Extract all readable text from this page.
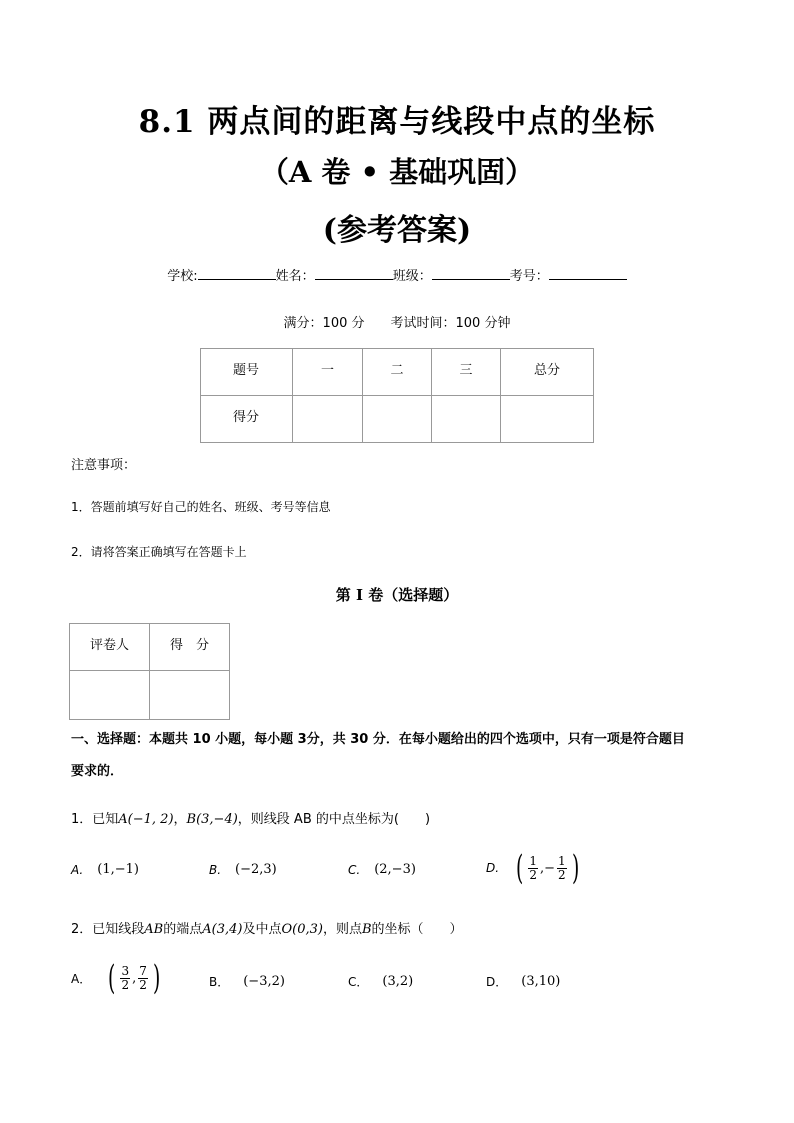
8.1 两点间的距离与线段中点的坐标
（A 卷 • 基础巩固）
(参考答案)
学校:	姓名：	班级：	考号：
满分：100 分 考试时间：100 分钟
题号	一	二	三	总分
得分				
注意事项：
1．答题前填写好自己的姓名、班级、考号等信息
2．请将答案正确填写在答题卡上
第 I 卷（选择题）
评卷人	得　分

一、选择题：本题共 10 小题，每小题 3分，共 30 分．在每小题给出的四个选项中，只有一项是符合题目
要求的．
1．已知A(−1, 2)，B(3,−4)，则线段 AB 的中点坐标为(　　)
A. (1,−1)	B. (−2,3)	C. (2,−3)	D. ( $\frac{1}{2}$ ,− $\frac{1}{2}$ )
2．已知线段AB的端点A(3,4)及中点O(0,3)，则点B的坐标（　　）
A． ( $\frac{3}{2}$ , $\frac{7}{2}$ )	B． (−3,2)	C． (3,2)	D． (3,10)
